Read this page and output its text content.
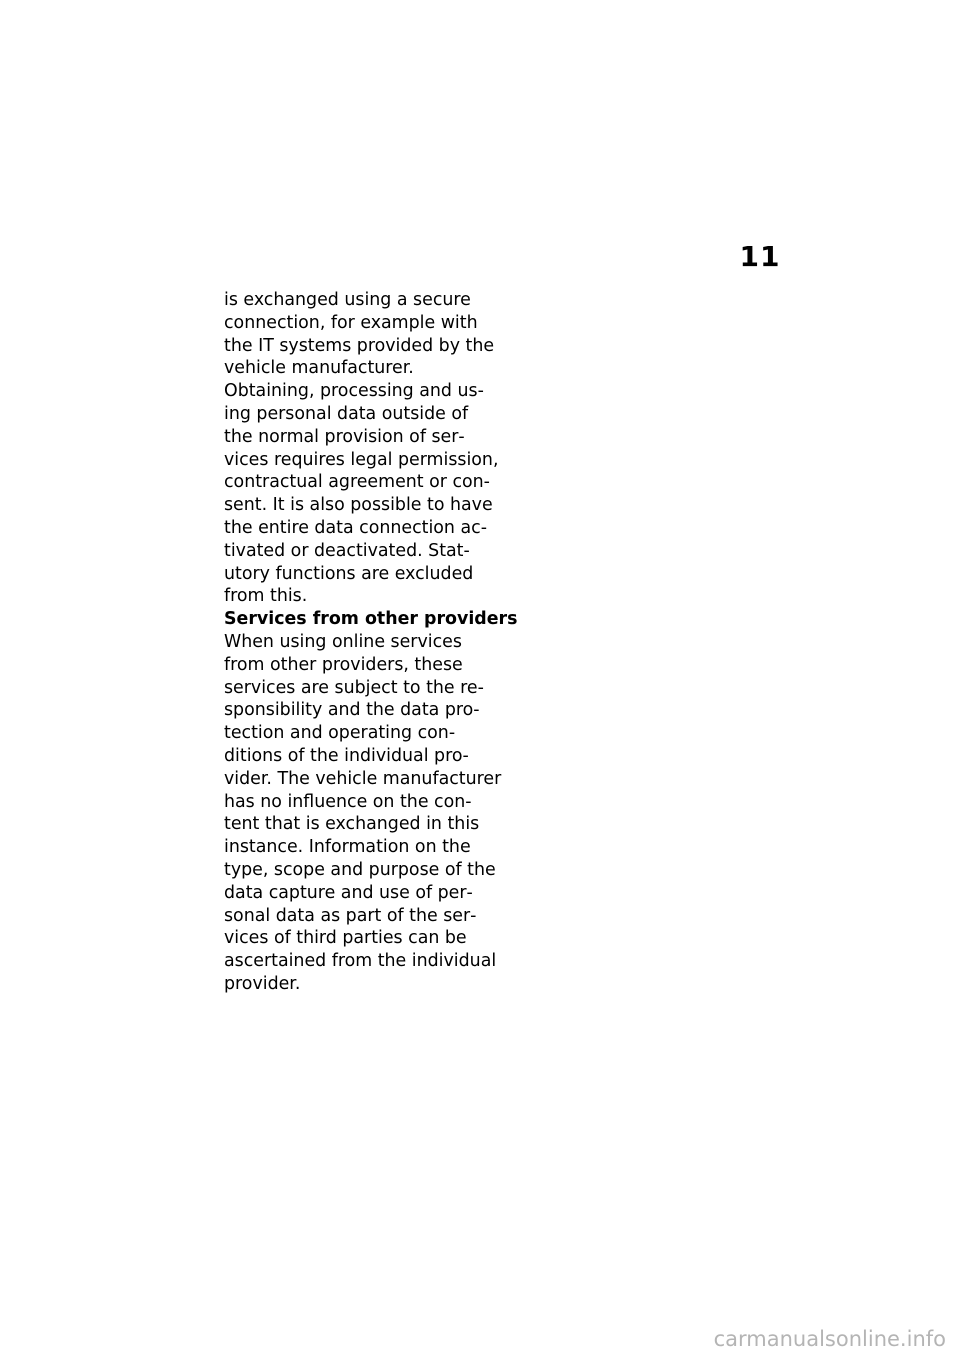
11
is exchanged using a secure
connection, for example with
the IT systems provided by the
vehicle manufacturer.
Obtaining, processing and us‐
ing personal data outside of
the normal provision of ser‐
vices requires legal permission,
contractual agreement or con‐
sent. It is also possible to have
the entire data connection ac‐
tivated or deactivated. Stat‐
utory functions are excluded
from this.
Services from other providers
When using online services
from other providers, these
services are subject to the re‐
sponsibility and the data pro‐
tection and operating con‐
ditions of the individual pro‐
vider. The vehicle manufacturer
has no influence on the con‐
tent that is exchanged in this
instance. Information on the
type, scope and purpose of the
data capture and use of per‐
sonal data as part of the ser‐
vices of third parties can be
ascertained from the individual
provider.
carmanualsonline.info
